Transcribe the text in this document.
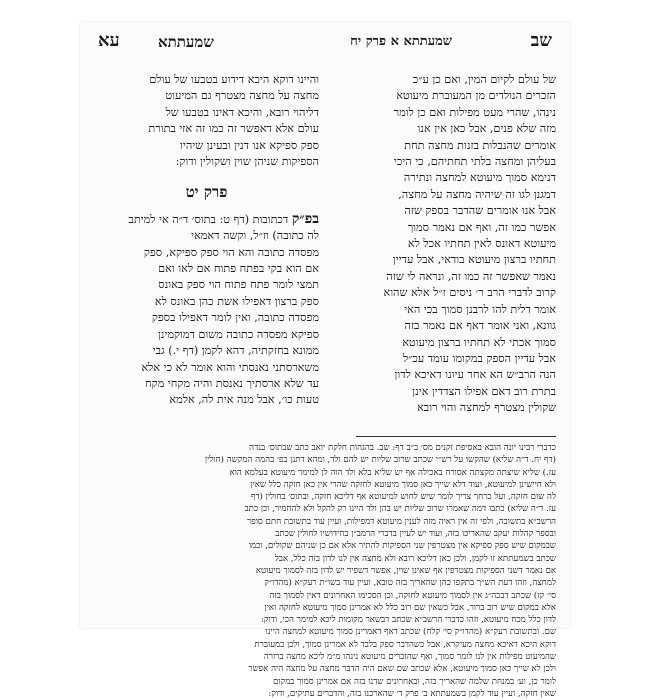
שב
שמעתתא א פרק יח
שמעתתא
עא

של עולם לקיום המין, ואם כן ע״כ

הזכרים הנולדים מן המעוברת מיעוטא

נינהו, שהרי מעט מפילות ואם כן לומר

מזה שלא פנים, אבל כאן אין אנו

אומרים שהנבלות בזנות מחצה תחת

בעליהן ומחצה בלתי תחתיהם, כי היכי

דנימא סמוך מיעוטא למחצה ונתירה

דמגנן לגו זה שיהיה מחצה על מחצה,

אבל אנו אומרים שהדבר בספק שזה

אפשר כמו זה, ואף אם נאמר סמוך

מיעוטא דאונס לאין תחתיו אכל לא

תחתיו ברצון מיעוטא בודאי, אבל עדיין

נאמר שאפשר זה כמו זה, ונראה לי שזה

קרוב לדברי הרב ר׳ ניסים ז״ל אלא שהוא

אומר דלית להו לרבנן סמוך בכי האי

גוונא, ואני אומר דאף אם נאמר בזה

סמוך אכתי לא תחתיו ברצון מיעוטא

אבל עדיין הספק במקומו עומד עכ״ל

הנה הרב״ש הא אחר עיונו דאיכא לדון

בתרת רוב דאם אפילו הצדדין אינן

שקולין מצטרף למחצה והוי רובא

והיינו דוקא היכא דידוע בטבעו של עולם

מחצה על מחצה מצטרף גם המיעוט

דליהוי רובא, והיכא דאינו בטבעו של

עולם אלא דאפשר זה כמו זה אזי בתורת

ספק ספיקא אנו דנין ובעינן שיהיו

הספיקות שניהן שוין ושקולין ודוק:

פרק יט

בפ״ק דכתובות (דף ט: בתוס׳ ד״ה אי למיתב

לה כתובה) וז״ל, וקשה דאמאי

מפסדה כתובה והא הוי ספק ספיקא, ספק

אם הוא בקי בפתח פתוח אם לאו ואם

תמצי לומר פתח פתוח הוי ספק באונס

ספק ברצון דאפילו אשת כהן באונס לא

מפסדה כתובה, ואין לומר דאפילו בספק

ספיקא מפסדה כתובה משום דמוקמינן

ממונא בחזקתיה, דהא לקמן (דף י.) גבי

משארסתני נאנסתי והוא אומר לא כי אלא

עד שלא ארסתיך נאנסת והיה מקחי מקח

טעות כו׳, אבל מנה אית לה, אלמא

כדברי רבינו יונה הובא באסיפת זקנים מס׳ ב״ב דף: שב. בהגהות חלקת יואב כתב שבתוס׳ בנדה

(דף יח. ד״ה שליא) שהקשו על רש״י שכתב שרוב שליות יש להם ולד, ומהא דתנן בפ׳ בהמה המקשה (חולין

עז.) שליא שיצתה מקצתה אסורה באכילה אף יש שליא בלא ולד הוה לן למימר מיעוטא בעלמא הוא

ולא חיישינן למיעוטא, ועוד דלא שייך כאן סמוך מיעוטא לחזקה שהרי אין כאן חזקה כלל שאין

לה שום חזקה, ועל כרחך צריך לומר שיש לחוש למיעוטא אף דליכא חזקה, ובתוס׳ בחולין (דף

עז. ד״ה שליא) כתבו דמה שאמרו שרוב שליות יש בהן ולד היינו רק להקל ולא להחמיר, וכן כתב

הרשב״א בתשובה, ולפי זה אין ראיה מזה לענין מיעוטא דמפילות, ועיין עוד בתשובת חתם סופר

ובספר קהלות יעקב שהאריכו בזה, ועוד יש לעיין בדברי הרמב״ן בחידושיו לחולין שכתב

שבמקום שיש ספק ספיקא אין מצטרפין שני הספיקות להתיר אלא אם כן שניהם שקולים, וכמו

שכתב בשמעתתא זו לקמן, ולכן כאן דליכא רובא ולא מחצה אין לנו לדון בזה כלל, אבל

אם נאמר דשני הספיקות מצטרפין אף שאינן שוין, אפשר דשפיר יש לדון בזה לסמוך מיעוטא

למחצה, וזהו דעת הש״ך בתקפו כהן שהאריך בזה טובא, ועיין עוד בשו״ת רעק״א (מהדו״ק

סי׳ קז) שכתב דבכה״ג אין לסמוך מיעוטא לחזקה, וכן הסכימו האחרונים דאין לסמוך בזה

אלא במקום שיש רוב ברור, אבל כשאין שם רוב כלל לא אמרינן סמוך מיעוטא לחזקה ואין

לדון כלל מכח מיעוטא, וזהו כדברי הרשב״א שכתב דבשאר מקומות ליכא למימר הכי, ודוק:

שם. ובתשובת רעק״א (מהדו״ק סי׳ קלח) שכתב דאף דאמרינן סמוך מיעוטא למחצה היינו

דוקא היכא דאיכא מחצה מעיקרא, אבל כשהדבר ספק בלבד לא אמרינן סמוך, ולכן במעוברת

שהמיעוט מפילות אין לנו לומר סמוך, ואף שהזכרים מיעוטא נינהו מ״מ ליכא מחצה ברורה

ולכן לא שייך כאן סמוך מיעוטא, אלא שכתב שם שאם היה הדבר מחצה על מחצה היה אפשר

לומר כן, וע׳ במנחת שלמה שהאריך בזה, ובאחרונים שדנו בזה אם אמרינן סמוך במקום

שאין חזקה, ועיין עוד לקמן בשמעתתא ב׳ פרק ד׳ שהארכנו בזה, והדברים עתיקים, ודוק:
